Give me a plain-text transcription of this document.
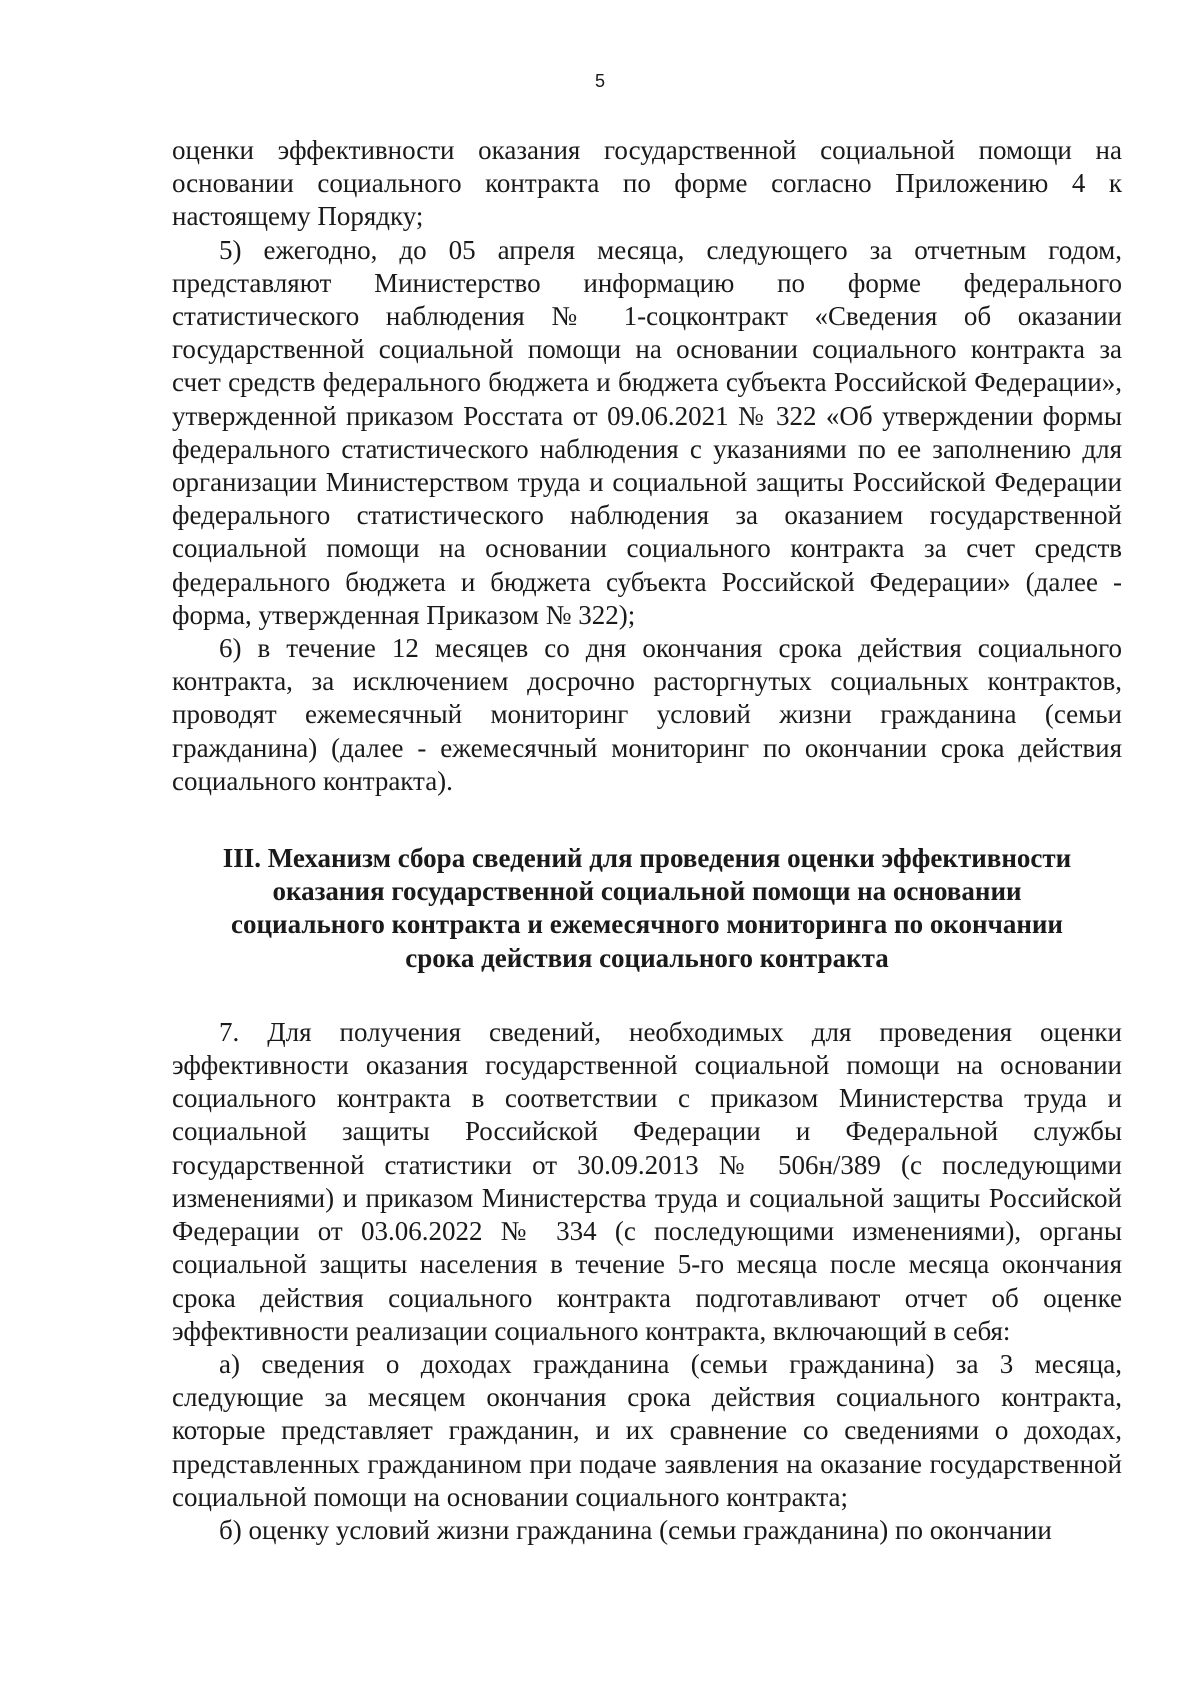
5

оценки эффективности оказания государственной социальной помощи на основании социального контракта по форме согласно Приложению 4 к настоящему Порядку;

5) ежегодно, до 05 апреля месяца, следующего за отчетным годом, представляют Министерство информацию по форме федерального статистического наблюдения № 1-соцконтракт «Сведения об оказании государственной социальной помощи на основании социального контракта за счет средств федерального бюджета и бюджета субъекта Российской Федерации», утвержденной приказом Росстата от 09.06.2021 № 322 «Об утверждении формы федерального статистического наблюдения с указаниями по ее заполнению для организации Министерством труда и социальной защиты Российской Федерации федерального статистического наблюдения за оказанием государственной социальной помощи на основании социального контракта за счет средств федерального бюджета и бюджета субъекта Российской Федерации» (далее - форма, утвержденная Приказом № 322);

6) в течение 12 месяцев со дня окончания срока действия социального контракта, за исключением досрочно расторгнутых социальных контрактов, проводят ежемесячный мониторинг условий жизни гражданина (семьи гражданина) (далее - ежемесячный мониторинг по окончании срока действия социального контракта).

III. Механизм сбора сведений для проведения оценки эффективности
оказания государственной социальной помощи на основании
социального контракта и ежемесячного мониторинга по окончании
срока действия социального контракта

7. Для получения сведений, необходимых для проведения оценки эффективности оказания государственной социальной помощи на основании социального контракта в соответствии с приказом Министерства труда и социальной защиты Российской Федерации и Федеральной службы государственной статистики от 30.09.2013 № 506н/389 (с последующими изменениями) и приказом Министерства труда и социальной защиты Российской Федерации от 03.06.2022 № 334 (с последующими изменениями), органы социальной защиты населения в течение 5-го месяца после месяца окончания срока действия социального контракта подготавливают отчет об оценке эффективности реализации социального контракта, включающий в себя:

а) сведения о доходах гражданина (семьи гражданина) за 3 месяца, следующие за месяцем окончания срока действия социального контракта, которые представляет гражданин, и их сравнение со сведениями о доходах, представленных гражданином при подаче заявления на оказание государственной социальной помощи на основании социального контракта;

б) оценку условий жизни гражданина (семьи гражданина) по окончании
